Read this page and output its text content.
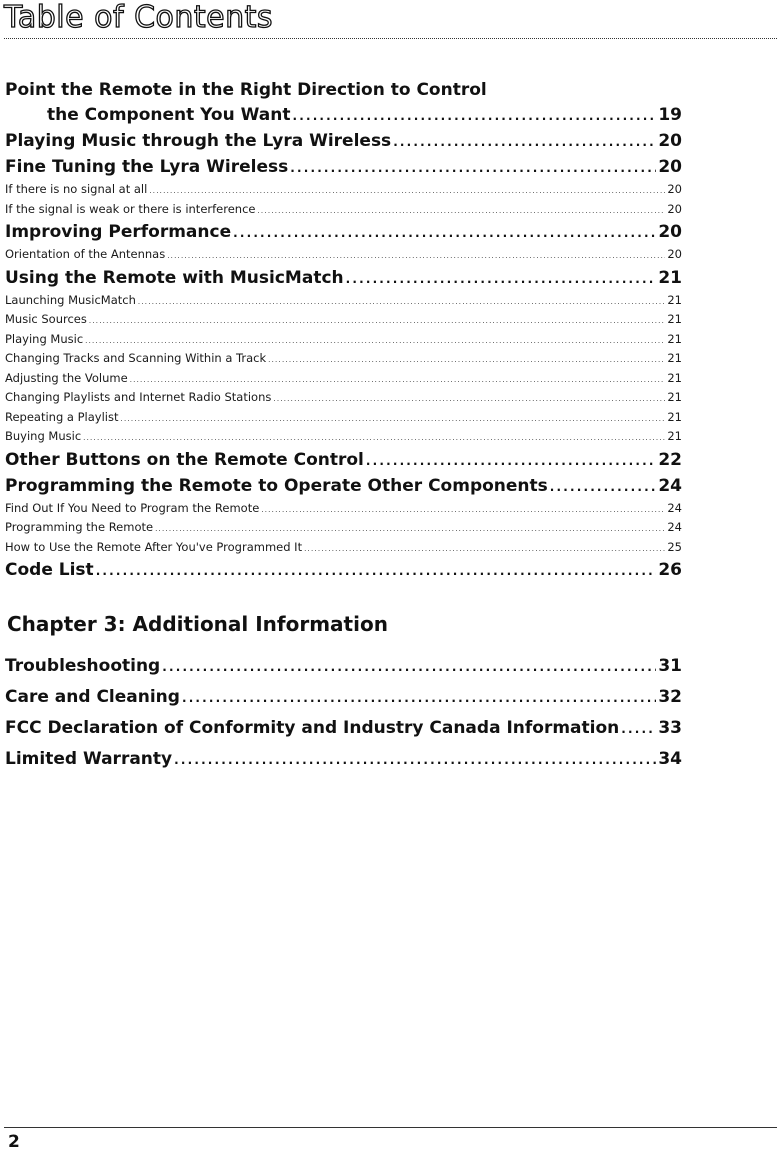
Table of Contents
Point the Remote in the Right Direction to Control
the Component You Want . . .	19
Playing Music through the Lyra Wireless . . .	20
Fine Tuning the Lyra Wireless . . .	20
If there is no signal at all . . .	20
If the signal is weak or there is interference . . .	20
Improving Performance . . .	20
Orientation of the Antennas . . .	20
Using the Remote with MusicMatch . . .	21
Launching MusicMatch . . .	21
Music Sources . . .	21
Playing Music . . .	21
Changing Tracks and Scanning Within a Track . . .	21
Adjusting the Volume . . .	21
Changing Playlists and Internet Radio Stations . . .	21
Repeating a Playlist . . .	21
Buying Music . . .	21
Other Buttons on the Remote Control . . .	22
Programming the Remote to Operate Other Components . . .	24
Find Out If You Need to Program the Remote . . .	24
Programming the Remote . . .	24
How to Use the Remote After You've Programmed It . . .	25
Code List . . .	26
Chapter 3: Additional Information
Troubleshooting . . .	31
Care and Cleaning . . .	32
FCC Declaration of Conformity and Industry Canada Information . . . 33
Limited Warranty . . .	34
2
